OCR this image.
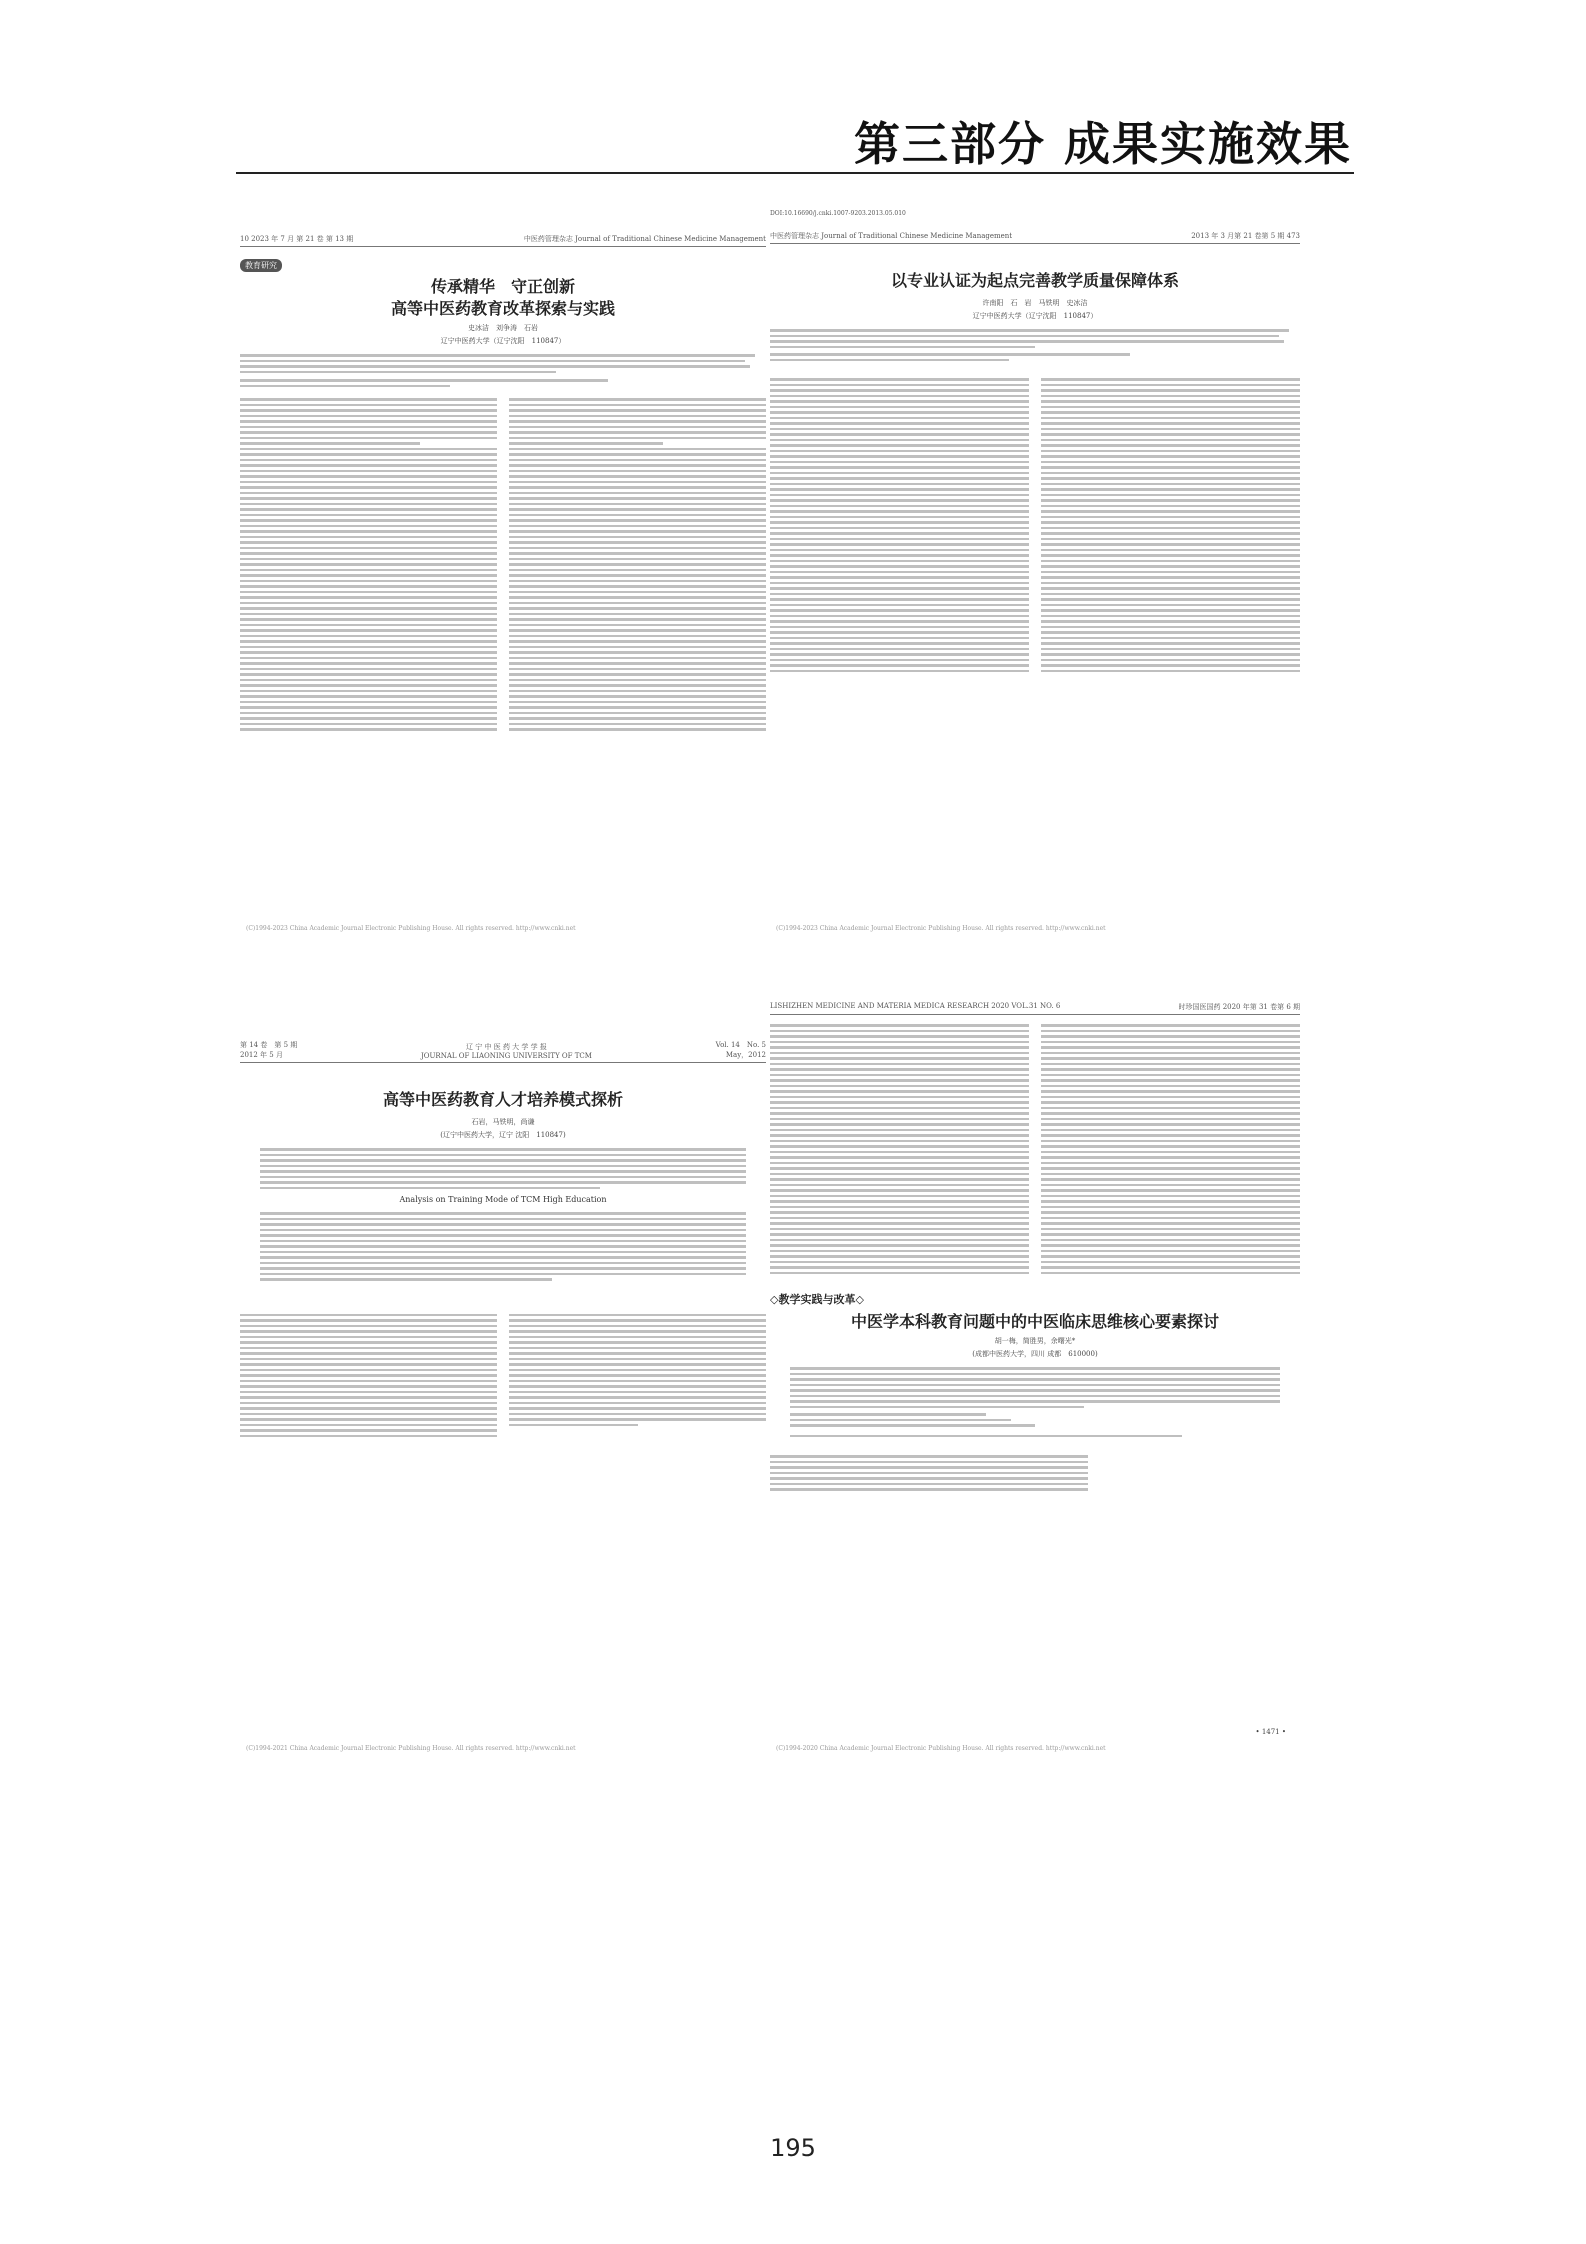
第三部分 成果实施效果
10 2023 年 7 月 第 21 卷 第 13 期	中医药管理杂志 Journal of Traditional Chinese Medicine Management
教育研究
传承精华　守正创新
高等中医药教育改革探索与实践
史冰洁　刘争涛　石岩
辽宁中医药大学（辽宁沈阳　110847）
(C)1994-2023 China Academic Journal Electronic Publishing House. All rights reserved. http://www.cnki.net
DOI:10.16690/j.cnki.1007-9203.2013.05.010
中医药管理杂志 Journal of Traditional Chinese Medicine Management	2013 年 3 月第 21 卷第 5 期 473
以专业认证为起点完善教学质量保障体系
许南阳　石　岩　马铁明　史冰洁
辽宁中医药大学（辽宁沈阳　110847）
(C)1994-2023 China Academic Journal Electronic Publishing House. All rights reserved. http://www.cnki.net
第 14 卷　第 5 期
2012 年 5 月
辽 宁 中 医 药 大 学 学 报
JOURNAL OF LIAONING UNIVERSITY OF TCM
Vol. 14　No. 5
May，2012
高等中医药教育人才培养模式探析
石岩，马铁明，尚谦
(辽宁中医药大学，辽宁 沈阳　110847)
Analysis on Training Mode of TCM High Education
(C)1994-2021 China Academic Journal Electronic Publishing House. All rights reserved. http://www.cnki.net
LISHIZHEN MEDICINE AND MATERIA MEDICA RESEARCH 2020 VOL.31 NO. 6	时珍国医国药 2020 年第 31 卷第 6 期
◇教学实践与改革◇
中医学本科教育问题中的中医临床思维核心要素探讨
胡一梅，简胜男，余曙光*
(成都中医药大学，四川 成都　610000)
• 1471 •
(C)1994-2020 China Academic Journal Electronic Publishing House. All rights reserved. http://www.cnki.net
195
